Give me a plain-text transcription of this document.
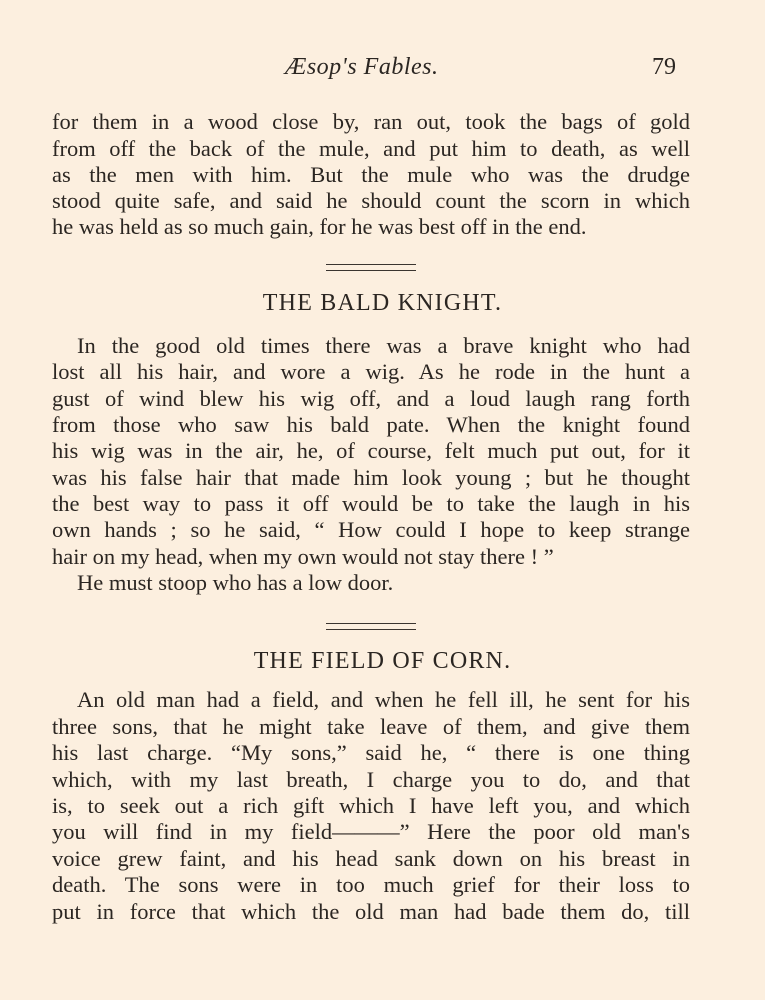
Æsop's Fables.	79
for them in a wood close by, ran out, took the bags of gold
from off the back of the mule, and put him to death, as well
as the men with him. But the mule who was the drudge
stood quite safe, and said he should count the scorn in which
he was held as so much gain, for he was best off in the end.
THE BALD KNIGHT.
In the good old times there was a brave knight who had
lost all his hair, and wore a wig. As he rode in the hunt a
gust of wind blew his wig off, and a loud laugh rang forth
from those who saw his bald pate. When the knight found
his wig was in the air, he, of course, felt much put out, for it
was his false hair that made him look young ; but he thought
the best way to pass it off would be to take the laugh in his
own hands ; so he said, “ How could I hope to keep strange
hair on my head, when my own would not stay there ! ”
He must stoop who has a low door.
THE FIELD OF CORN.
An old man had a field, and when he fell ill, he sent for his
three sons, that he might take leave of them, and give them
his last charge. “My sons,” said he, “ there is one thing
which, with my last breath, I charge you to do, and that
is, to seek out a rich gift which I have left you, and which
you will find in my field———” Here the poor old man's
voice grew faint, and his head sank down on his breast in
death. The sons were in too much grief for their loss to
put in force that which the old man had bade them do, till
